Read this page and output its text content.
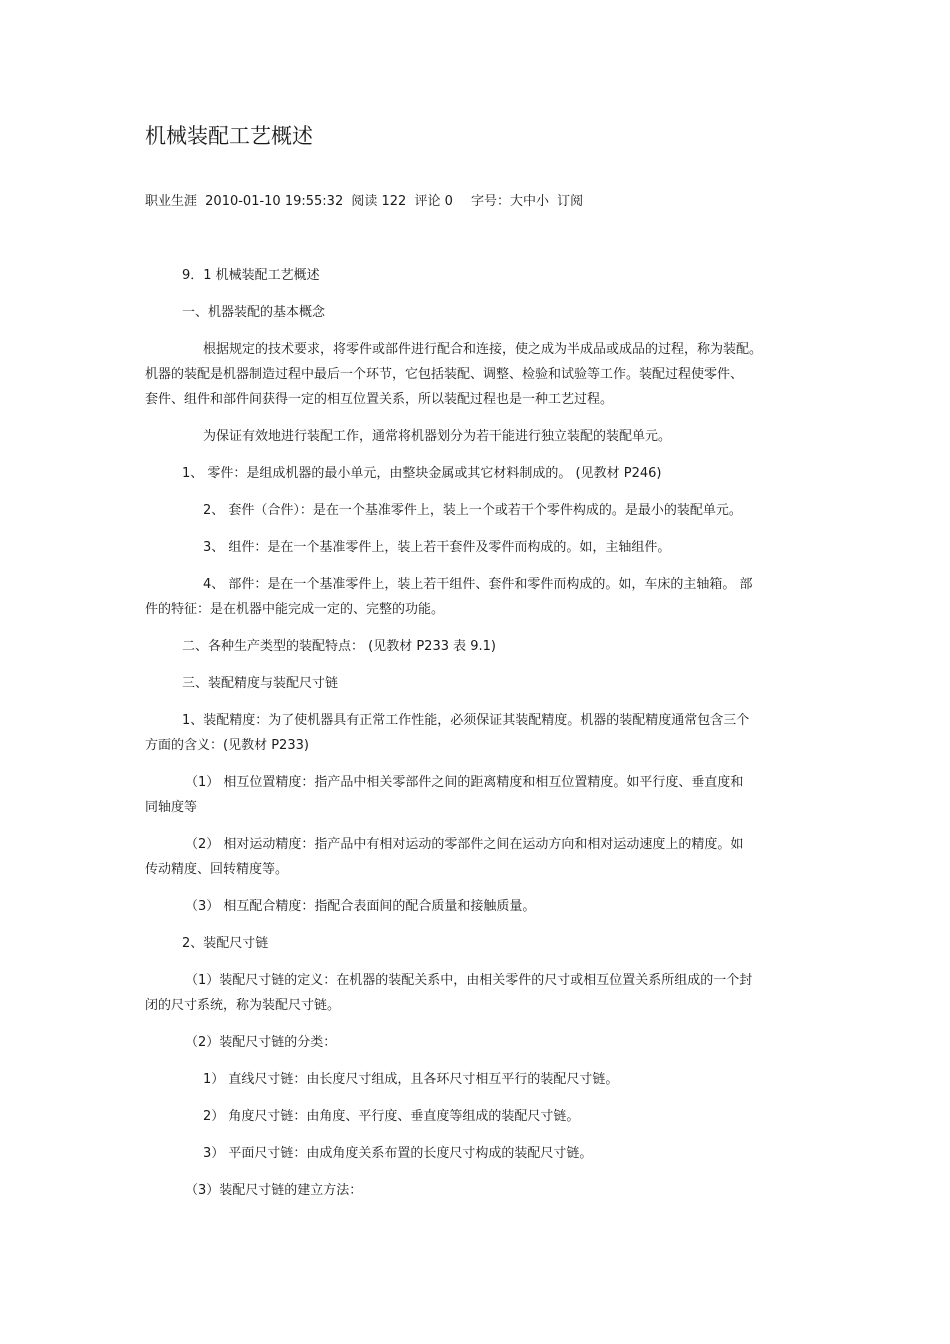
机械装配工艺概述
职业生涯 2010-01-10 19:55:32 阅读 122 评论 0 字号：大中小 订阅
9．1 机械装配工艺概述
一、机器装配的基本概念
根据规定的技术要求，将零件或部件进行配合和连接，使之成为半成品或成品的过程，称为装配。
机器的装配是机器制造过程中最后一个环节，它包括装配、调整、检验和试验等工作。装配过程使零件、
套件、组件和部件间获得一定的相互位置关系，所以装配过程也是一种工艺过程。
为保证有效地进行装配工作，通常将机器划分为若干能进行独立装配的装配单元。
1、 零件：是组成机器的最小单元，由整块金属或其它材料制成的。 (见教材 P246)
2、 套件（合件）：是在一个基准零件上，装上一个或若干个零件构成的。是最小的装配单元。
3、 组件：是在一个基准零件上，装上若干套件及零件而构成的。如，主轴组件。
4、 部件：是在一个基准零件上，装上若干组件、套件和零件而构成的。如，车床的主轴箱。 部
件的特征：是在机器中能完成一定的、完整的功能。
二、各种生产类型的装配特点： (见教材 P233 表 9.1)
三、装配精度与装配尺寸链
1、装配精度：为了使机器具有正常工作性能，必须保证其装配精度。机器的装配精度通常包含三个
方面的含义：(见教材 P233)
（1） 相互位置精度：指产品中相关零部件之间的距离精度和相互位置精度。如平行度、垂直度和
同轴度等
（2） 相对运动精度：指产品中有相对运动的零部件之间在运动方向和相对运动速度上的精度。如
传动精度、回转精度等。
（3） 相互配合精度：指配合表面间的配合质量和接触质量。
2、装配尺寸链
（1）装配尺寸链的定义：在机器的装配关系中，由相关零件的尺寸或相互位置关系所组成的一个封
闭的尺寸系统，称为装配尺寸链。
（2）装配尺寸链的分类：
1） 直线尺寸链：由长度尺寸组成，且各环尺寸相互平行的装配尺寸链。
2） 角度尺寸链：由角度、平行度、垂直度等组成的装配尺寸链。
3） 平面尺寸链：由成角度关系布置的长度尺寸构成的装配尺寸链。
（3）装配尺寸链的建立方法：
